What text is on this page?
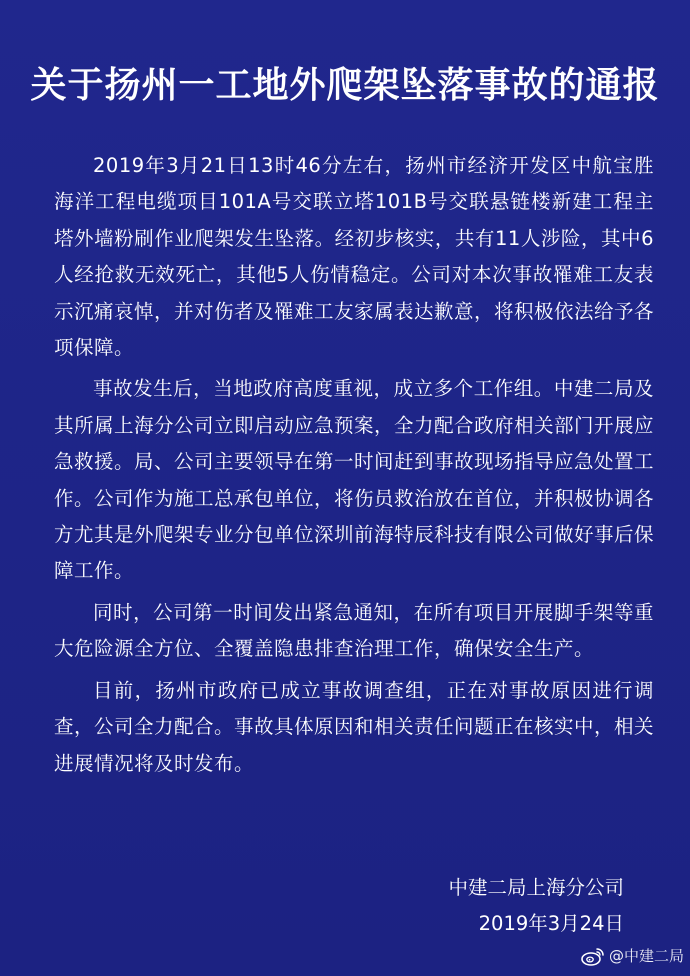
关于扬州一工地外爬架坠落事故的通报

2019年3月21日13时46分左右，扬州市经济开发区中航宝胜海洋工程电缆项目101A号交联立塔101B号交联悬链楼新建工程主塔外墙粉刷作业爬架发生坠落。经初步核实，共有11人涉险，其中6人经抢救无效死亡，其他5人伤情稳定。公司对本次事故罹难工友表示沉痛哀悼，并对伤者及罹难工友家属表达歉意，将积极依法给予各项保障。

事故发生后，当地政府高度重视，成立多个工作组。中建二局及其所属上海分公司立即启动应急预案，全力配合政府相关部门开展应急救援。局、公司主要领导在第一时间赶到事故现场指导应急处置工作。公司作为施工总承包单位，将伤员救治放在首位，并积极协调各方尤其是外爬架专业分包单位深圳前海特辰科技有限公司做好事后保障工作。

同时，公司第一时间发出紧急通知，在所有项目开展脚手架等重大危险源全方位、全覆盖隐患排查治理工作，确保安全生产。

目前，扬州市政府已成立事故调查组，正在对事故原因进行调查，公司全力配合。事故具体原因和相关责任问题正在核实中，相关进展情况将及时发布。

中建二局上海分公司
2019年3月24日
@中建二局
